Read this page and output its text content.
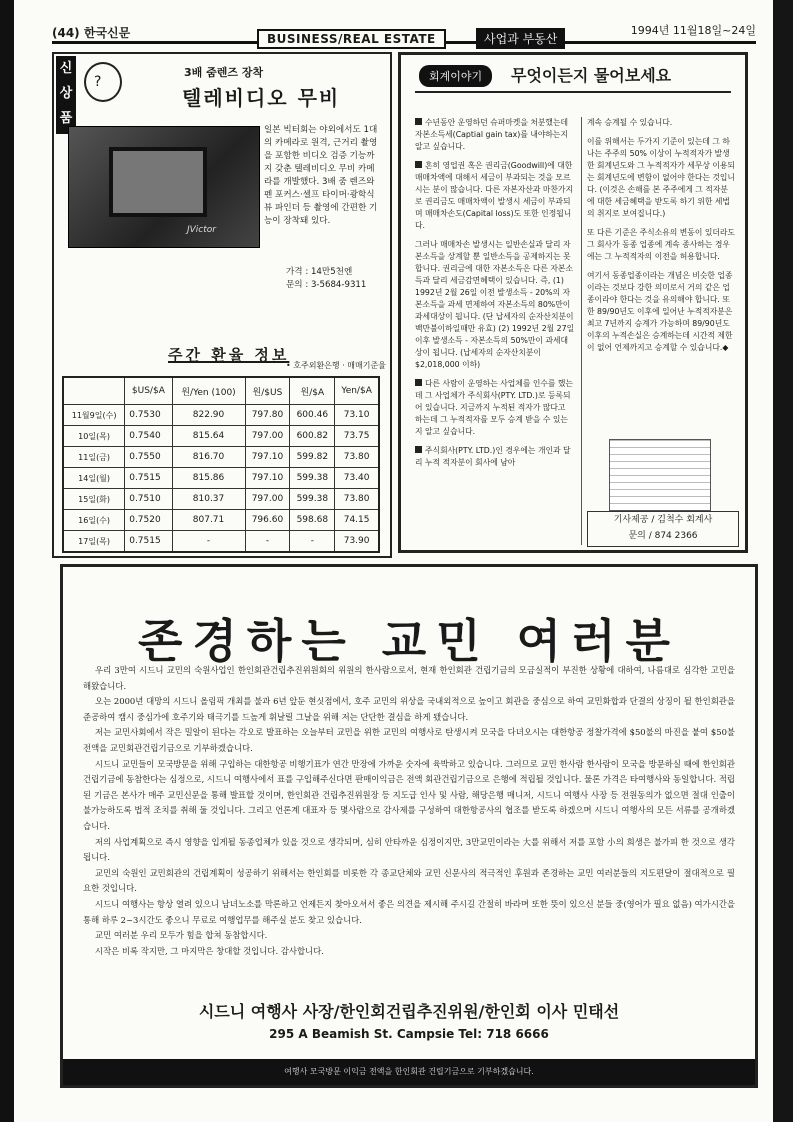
(44) 한국신문	BUSINESS/REAL ESTATE	사업과 부동산
1994년 11월18일~24일
신
상
품
?
3배 줌렌즈 장착
텔레비디오 무비
JVictor
일본 빅터회는 야외에서도 1대의 카메라로 원격, 근거리 촬영을 포함한 비디오 검증 기능까지 갖춘 텔레비디오 무비 카메라를 개발했다. 3배 줌 렌즈와 펜 포커스·셀프 타이머·광학식 뷰 파인더 등 촬영에 간편한 기능이 장착돼 있다.
가격 : 14만5천엔
문의 : 3-5684-9311
주간 환율 정보
• 호주외환은행 · 매매기준율
	$US/$A	원/Yen (100)	원/$US	원/$A	Yen/$A
11월9일(수)	0.7530	822.90	797.80	600.46	73.10
10일(목)	0.7540	815.64	797.00	600.82	73.75
11일(금)	0.7550	816.70	797.10	599.82	73.80
14일(월)	0.7515	815.86	797.10	599.38	73.40
15일(화)	0.7510	810.37	797.00	599.38	73.80
16일(수)	0.7520	807.71	796.60	598.68	74.15
17일(목)	0.7515	-	-	-	73.90
회계이야기	무엇이든지 물어보세요

수년동안 운영하던 슈퍼마켓을 처분했는데 자본소득세(Captial gain tax)를 내야하는지 알고 싶습니다.

흔히 영업권 혹은 권리금(Goodwill)에 대한 매매차액에 대해서 세금이 부과되는 것을 모르시는 분이 많습니다. 다른 자본자산과 마찬가지로 권리금도 매매차액이 발생시 세금이 부과되며 매매차손도(Capital loss)도 또한 인정됩니다.

그러나 매매차손 발생시는 일반손실과 달리 자본소득을 상계할 뿐 일반소득을 공제하지는 못합니다. 권리금에 대한 자본소득은 다른 자본소득과 달리 세금감면혜택이 있습니다. 즉, (1) 1992년 2월 26일 이전 발생소득 - 20%의 자본소득을 과세 면제하여 자본소득의 80%만이 과세대상이 됩니다. (단 납세자의 순자산치분이 백만불이하일때만 유효) (2) 1992년 2월 27일 이후 발생소득 - 자본소득의 50%만이 과세대상이 됩니다. (납세자의 순자산치분이 $2,018,000 이하)

다른 사람이 운영하는 사업체를 인수를 했는데 그 사업체가 주식회사(PTY. LTD.)로 등록되어 있습니다. 지금까지 누적된 적자가 많다고 하는데 그 누적적자를 모두 승계 받을 수 있는지 알고 싶습니다.

주식회사(PTY. LTD.)인 경우에는 개인과 달리 누적 적자분이 회사에 남아

계속 승계될 수 있습니다.

이를 위해서는 두가지 기준이 있는데 그 하나는 주주의 50% 이상이 누적적자가 발생한 회계년도와 그 누적적자가 세무상 이용되는 회계년도에 변함이 없어야 한다는 것입니다. (이것은 손해를 본 주주에게 그 적자분에 대한 세금혜택을 받도록 하기 위한 세법의 취지로 보여집니다.)

또 다른 기준은 주식소유의 변동이 있더라도 그 회사가 동종 업종에 계속 종사하는 경우에는 그 누적적자의 이전을 허용합니다.

여기서 동종업종이라는 개념은 비슷한 업종이라는 것보다 강한 의미로서 거의 같은 업종이라야 한다는 것을 유의해야 합니다. 또한 89/90년도 이후에 일어난 누적적자분은 최고 7년까지 승계가 가능하며 89/90년도 이후의 누적손실은 승계하는데 시간적 제한이 없어 언제까지고 승계할 수 있습니다.◆

기사제공 / 김척수 회계사
문의 / 874 2366
존경하는 교민 여러분

우리 3만여 시드니 교민의 숙원사업인 한인회관건립추진위원회의 위원의 한사람으로서, 현재 한인회관 건립기금의 모금실적이 부진한 상황에 대하여, 나름대로 심각한 고민을 해왔습니다.

오는 2000년 대망의 시드니 올림픽 개최를 불과 6년 앞둔 현싯점에서, 호주 교민의 위상을 국내외적으로 높이고 회관을 중심으로 하여 교민화합과 단결의 상징이 될 한인회관을 준공하여 캠시 중심가에 호주기와 태극기를 드높게 휘날릴 그날을 위해 저는 단단한 결심을 하게 됐습니다.

저는 교민사회에서 작은 밀알이 된다는 각오로 발표하는 오늘부터 교민을 위한 교민의 여행사로 탄생시켜 모국을 다녀오시는 대한항공 정찰가격에 $50불의 마진을 붙여 $50불 전액을 교민회관건립기금으로 기부하겠습니다.

시드니 교민들이 모국방문을 위해 구입하는 대한항공 비행기표가 연간 만장에 가까운 숫자에 육박하고 있습니다. 그러므로 교민 한사람 한사람이 모국을 방문하실 때에 한인회관 건립기금에 동참한다는 심정으로, 시드니 여행사에서 표를 구입해주신다면 판매이익금은 전액 회관건립기금으로 은행에 적립될 것입니다. 물론 가격은 타여행사와 동일합니다. 적립된 기금은 본사가 매주 교민신문을 통해 발표할 것이며, 한인회관 건립추진위원장 등 지도급 인사 및 사람, 해당은행 매니저, 시드니 여행사 사장 등 전원동의가 없으면 절대 인출이 불가능하도록 법적 조치를 취해 둘 것입니다. 그리고 언론계 대표자 등 몇사람으로 감사제를 구성하여 대한항공사의 협조를 받도록 하겠으며 시드니 여행사의 모든 서류를 공개하겠습니다.

저의 사업계획으로 즉시 영향을 입게될 동종업체가 있을 것으로 생각되며, 심히 안타까운 심정이지만, 3만교민이라는 大를 위해서 저를 포함 小의 희생은 불가피 한 것으로 생각됩니다.

교민의 숙원인 교민회관의 건립계획이 성공하기 위해서는 한인회를 비롯한 각 종교단체와 교민 신문사의 적극적인 후원과 존경하는 교민 여러분들의 지도편달이 절대적으로 필요한 것입니다.

시드니 여행사는 항상 열려 있으니 남녀노소를 막론하고 언제든지 찾아오셔서 좋은 의견을 제시해 주시길 간절히 바라며 또한 뜻이 있으신 분들 중(영어가 필요 없음) 여가시간을 통해 하루 2~3시간도 좋으니 무료로 여행업무를 해주실 분도 찾고 있습니다.

교민 여러분 우리 모두가 힘을 합쳐 동참합시다.

시작은 비록 작지만, 그 마지막은 창대할 것입니다. 감사합니다.

시드니 여행사 사장/한인회건립추진위원/한인회 이사 민태선
295 A Beamish St. Campsie Tel: 718 6666
여행사 모국방문 이익금 전액을 한인회관 건립기금으로 기부하겠습니다.
